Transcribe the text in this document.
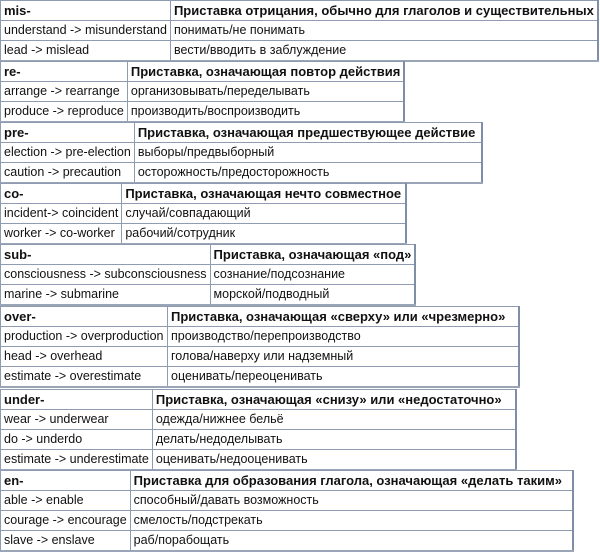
mis-	Приставка отрицания, обычно для глаголов и существительных
understand -> misunderstand	понимать/не понимать
lead -> mislead	вести/вводить в заблуждение
re-	Приставка, означающая повтор действия
arrange -> rearrange	организовывать/переделывать
produce -> reproduce	производить/воспроизводить
pre-	Приставка, означающая предшествующее действие
election -> pre-election	выборы/предвыборный
caution -> precaution	осторожность/предосторожность
co-	Приставка, означающая нечто совместное
incident-> coincident	случай/совпадающий
worker -> co-worker	рабочий/сотрудник
sub-	Приставка, означающая «под»
consciousness -> subconsciousness	сознание/подсознание
marine -> submarine	морской/подводный
over-	Приставка, означающая «сверху» или «чрезмерно»
production -> overproduction	производство/перепроизводство
head -> overhead	голова/наверху или надземный
estimate -> overestimate	оценивать/переоценивать
under-	Приставка, означающая «снизу» или «недостаточно»
wear -> underwear	одежда/нижнее бельё
do -> underdo	делать/недоделывать
estimate -> underestimate	оценивать/недооценивать
en-	Приставка для образования глагола, означающая «делать таким»
able -> enable	способный/давать возможность
courage -> encourage	смелость/подстрекать
slave -> enslave	раб/порабощать
